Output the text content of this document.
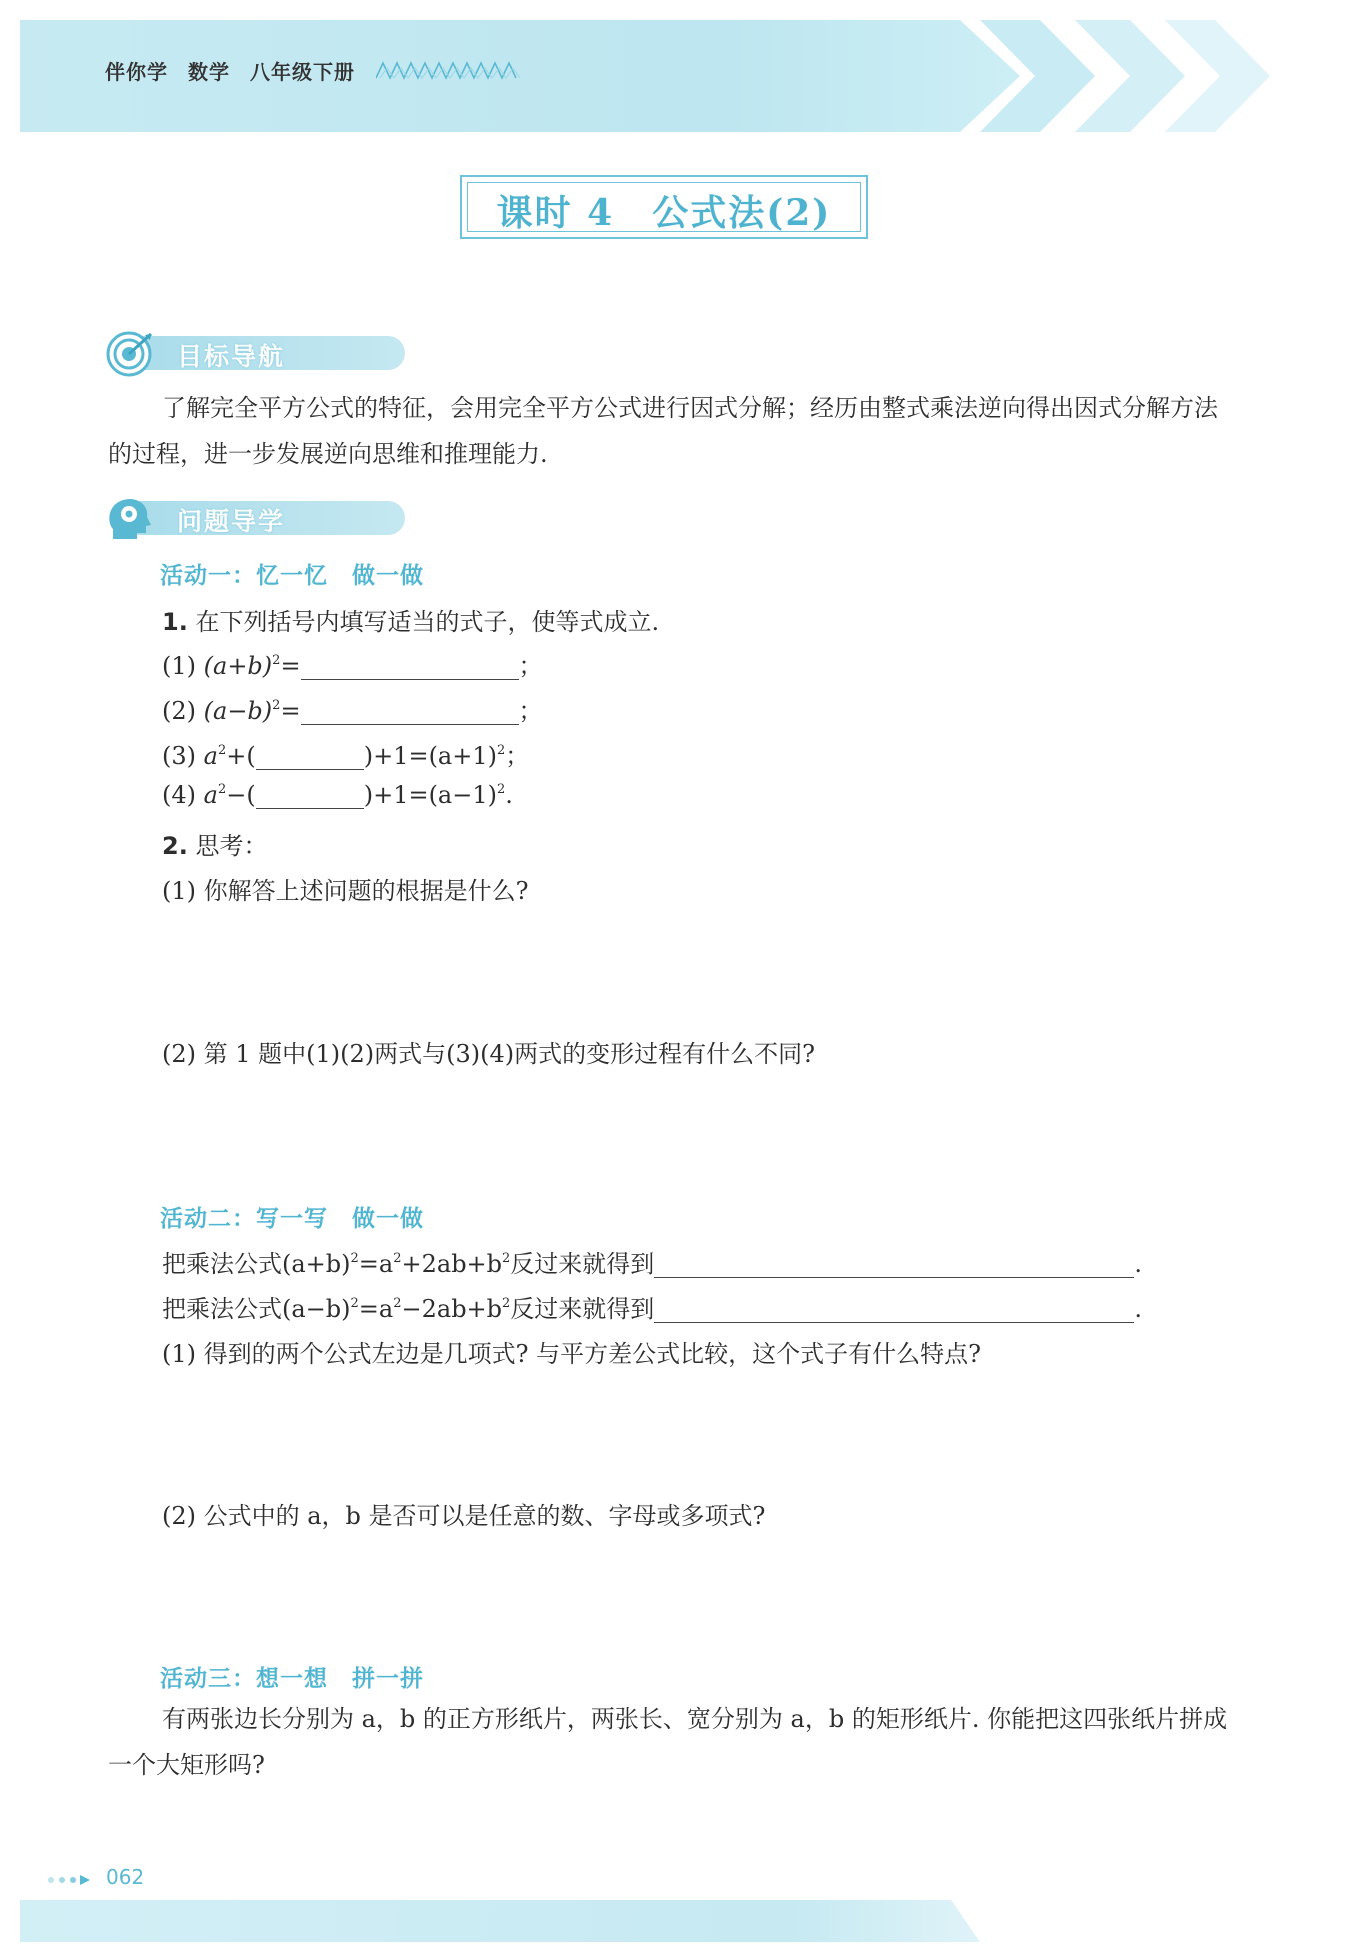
伴你学 数学 八年级下册
课时 4　公式法(2)
目标导航
了解完全平方公式的特征，会用完全平方公式进行因式分解；经历由整式乘法逆向得出因式分解方法的过程，进一步发展逆向思维和推理能力.
问题导学
活动一：忆一忆　做一做
1. 在下列括号内填写适当的式子，使等式成立.
(1) $(a+b)^2=$	；
(2) $(a-b)^2=$	；
(3) $a^2+$(	)$+1=(a+1)^2$；
(4) $a^2-$(	)$+1=(a-1)^2$.
2. 思考：
(1) 你解答上述问题的根据是什么?
(2) 第 1 题中(1)(2)两式与(3)(4)两式的变形过程有什么不同?
活动二：写一写　做一做
把乘法公式$(a+b)^2=a^2+2ab+b^2$反过来就得到	.
把乘法公式$(a-b)^2=a^2-2ab+b^2$反过来就得到	.
(1) 得到的两个公式左边是几项式? 与平方差公式比较，这个式子有什么特点?
(2) 公式中的 a，b 是否可以是任意的数、字母或多项式?
活动三：想一想　拼一拼
有两张边长分别为 a，b 的正方形纸片，两张长、宽分别为 a，b 的矩形纸片. 你能把这四张纸片拼成一个大矩形吗?
062
